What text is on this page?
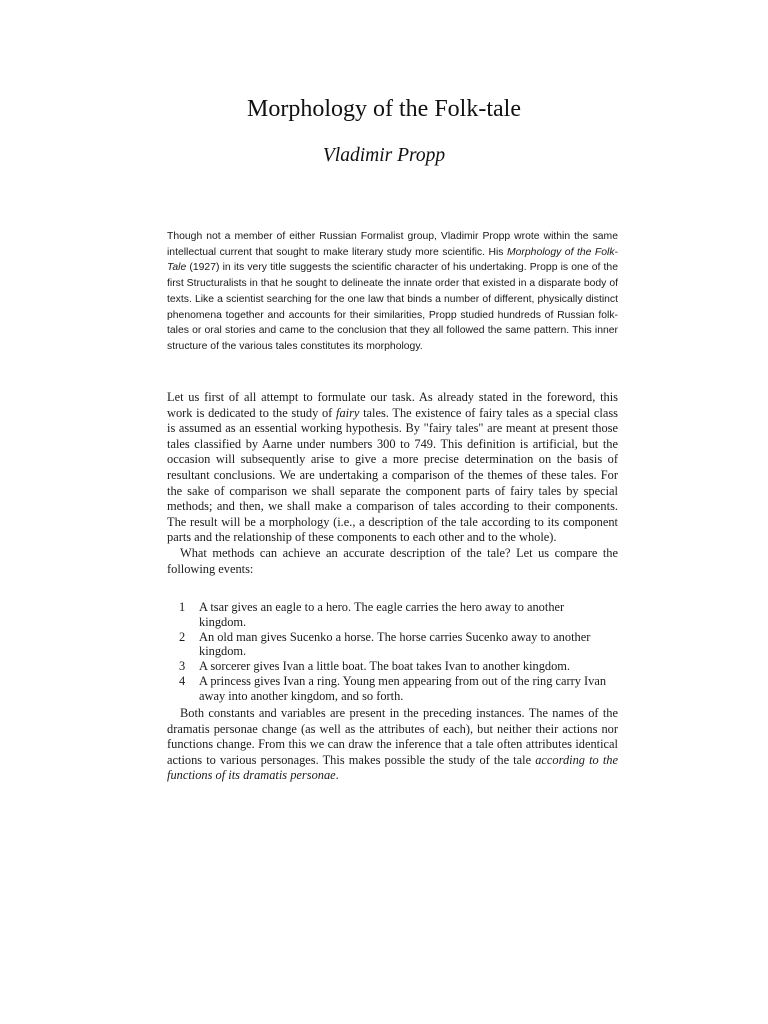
Morphology of the Folk-tale
Vladimir Propp

Though not a member of either Russian Formalist group, Vladimir Propp wrote within the same intellectual current that sought to make literary study more scientific. His Morphology of the Folk-Tale (1927) in its very title suggests the scientific character of his undertaking. Propp is one of the first Structuralists in that he sought to delineate the innate order that existed in a disparate body of texts. Like a scientist searching for the one law that binds a number of different, physically distinct phenomena together and accounts for their similarities, Propp studied hundreds of Russian folk-tales or oral stories and came to the conclusion that they all followed the same pattern. This inner structure of the various tales constitutes its morphology.

Let us first of all attempt to formulate our task. As already stated in the foreword, this work is dedicated to the study of fairy tales. The existence of fairy tales as a special class is assumed as an essential working hypothesis. By "fairy tales" are meant at present those tales classified by Aarne under numbers 300 to 749. This definition is artificial, but the occasion will subsequently arise to give a more precise determination on the basis of resultant conclusions. We are undertaking a comparison of the themes of these tales. For the sake of comparison we shall separate the component parts of fairy tales by special methods; and then, we shall make a comparison of tales according to their components. The result will be a morphology (i.e., a description of the tale according to its component parts and the relationship of these components to each other and to the whole).

What methods can achieve an accurate description of the tale? Let us compare the following events:

1 A tsar gives an eagle to a hero. The eagle carries the hero away to another kingdom.
2 An old man gives Sucenko a horse. The horse carries Sucenko away to another kingdom.
3 A sorcerer gives Ivan a little boat. The boat takes Ivan to another kingdom.
4 A princess gives Ivan a ring. Young men appearing from out of the ring carry Ivan away into another kingdom, and so forth.

Both constants and variables are present in the preceding instances. The names of the dramatis personae change (as well as the attributes of each), but neither their actions nor functions change. From this we can draw the inference that a tale often attributes identical actions to various personages. This makes possible the study of the tale according to the functions of its dramatis personae.
